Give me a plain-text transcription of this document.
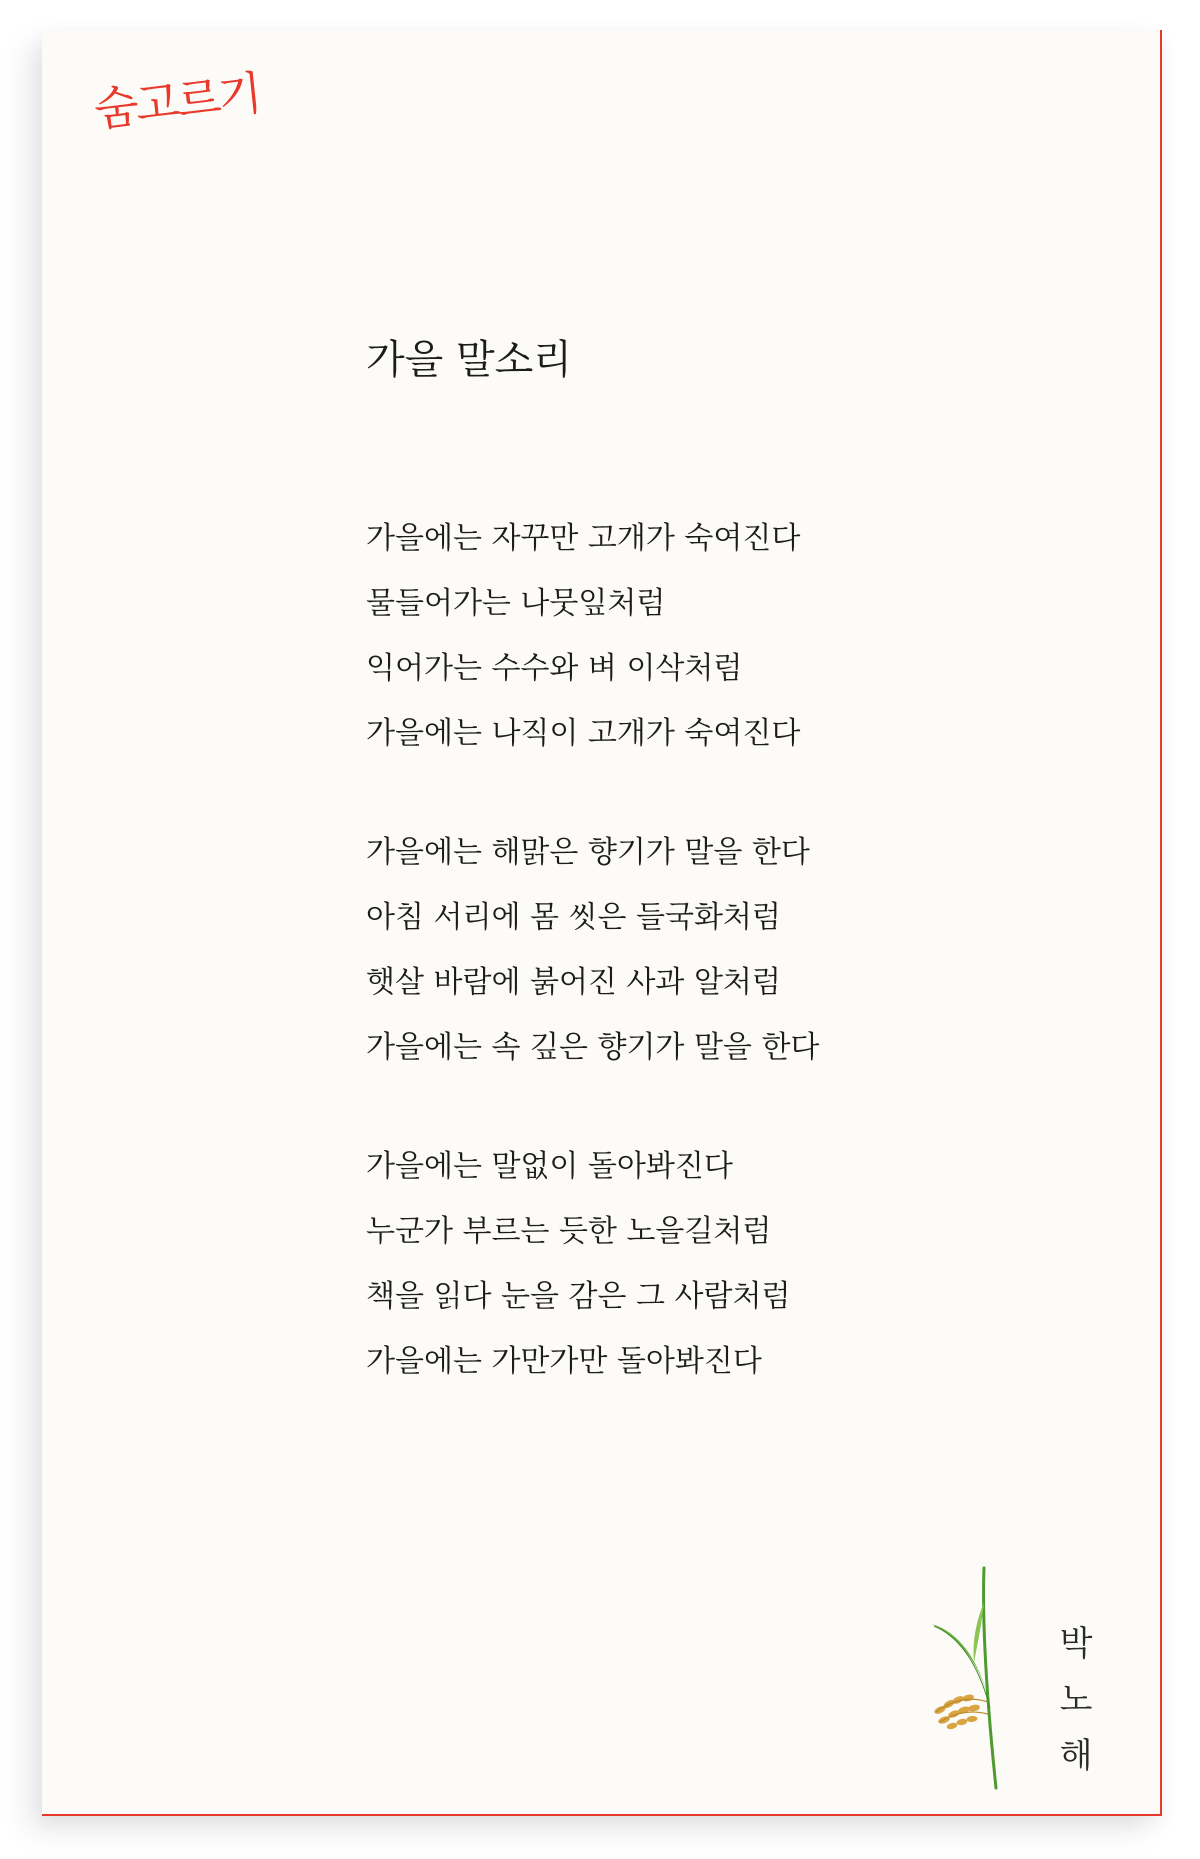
숨고르기
가을 말소리
가을에는 자꾸만 고개가 숙여진다
물들어가는 나뭇잎처럼
익어가는 수수와 벼 이삭처럼
가을에는 나직이 고개가 숙여진다
가을에는 해맑은 향기가 말을 한다
아침 서리에 몸 씻은 들국화처럼
햇살 바람에 붉어진 사과 알처럼
가을에는 속 깊은 향기가 말을 한다
가을에는 말없이 돌아봐진다
누군가 부르는 듯한 노을길처럼
책을 읽다 눈을 감은 그 사람처럼
가을에는 가만가만 돌아봐진다
박
노
해
